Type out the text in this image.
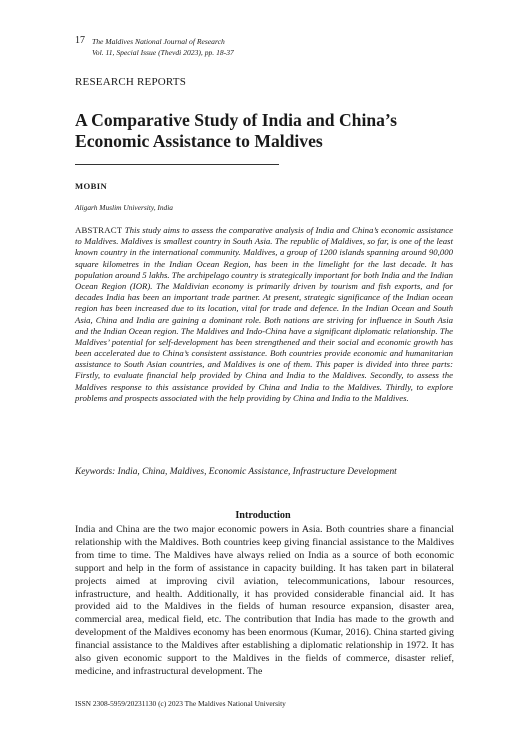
17 The Maldives National Journal of Research
Vol. 11, Special Issue (Thevdi 2023), pp. 18-37
RESEARCH REPORTS
A Comparative Study of India and China’s Economic Assistance to Maldives
MOBIN
Aligarh Muslim University, India

ABSTRACT This study aims to assess the comparative analysis of India and China’s economic assistance to Maldives. Maldives is smallest country in South Asia. The republic of Maldives, so far, is one of the least known country in the international community. Maldives, a group of 1200 islands spanning around 90,000 square kilometres in the Indian Ocean Region, has been in the limelight for the last decade. It has population around 5 lakhs. The archipelago country is strategically important for both India and the Indian Ocean Region (IOR). The Maldivian economy is primarily driven by tourism and fish exports, and for decades India has been an important trade partner. At present, strategic significance of the Indian ocean region has been increased due to its location, vital for trade and defence. In the Indian Ocean and South Asia, China and India are gaining a dominant role. Both nations are striving for influence in South Asia and the Indian Ocean region. The Maldives and Indo-China have a significant diplomatic relationship. The Maldives’ potential for self-development has been strengthened and their social and economic growth has been accelerated due to China’s consistent assistance. Both countries provide economic and humanitarian assistance to South Asian countries, and Maldives is one of them. This paper is divided into three parts: Firstly, to evaluate financial help provided by China and India to the Maldives. Secondly, to assess the Maldives response to this assistance provided by China and India to the Maldives. Thirdly, to explore problems and prospects associated with the help providing by China and India to the Maldives.

Keywords: India, China, Maldives, Economic Assistance, Infrastructure Development
Introduction

India and China are the two major economic powers in Asia. Both countries share a financial relationship with the Maldives. Both countries keep giving financial assistance to the Maldives from time to time. The Maldives have always relied on India as a source of both economic support and help in the form of assistance in capacity building. It has taken part in bilateral projects aimed at improving civil aviation, telecommunications, labour resources, infrastructure, and health. Additionally, it has provided considerable financial aid. It has provided aid to the Maldives in the fields of human resource expansion, disaster area, commercial area, medical field, etc. The contribution that India has made to the growth and development of the Maldives economy has been enormous (Kumar, 2016). China started giving financial assistance to the Maldives after establishing a diplomatic relationship in 1972. It has also given economic support to the Maldives in the fields of commerce, disaster relief, medicine, and infrastructural development. The

ISSN 2308-5959/20231130 (c) 2023 The Maldives National University
